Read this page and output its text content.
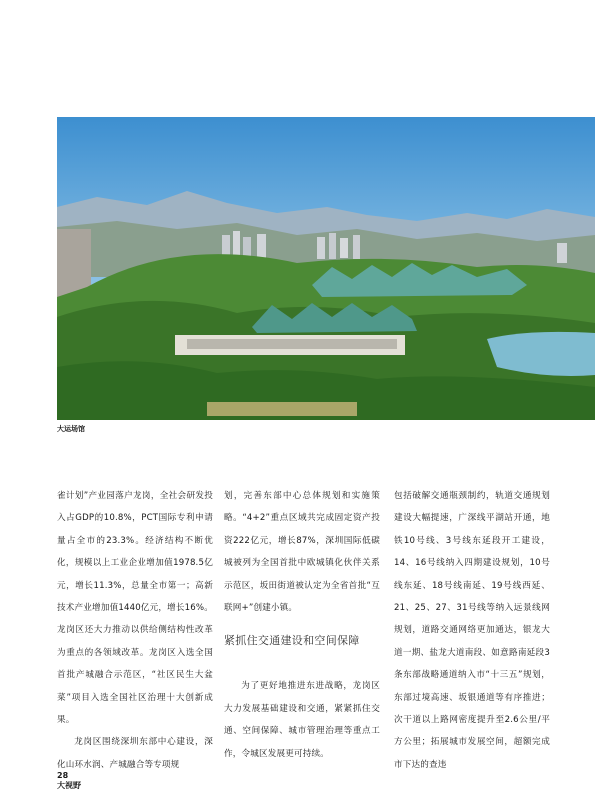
大运场馆

雀计划”产业园落户龙岗，全社会研发投入占GDP的10.8%，PCT国际专利申请量占全市的23.3%。经济结构不断优化，规模以上工业企业增加值1978.5亿元，增长11.3%，总量全市第一；高新技术产业增加值1440亿元，增长16%。龙岗区还大力推动以供给侧结构性改革为重点的各领域改革。龙岗区入选全国首批产城融合示范区，“社区民生大盆菜”项目入选全国社区治理十大创新成果。

龙岗区围绕深圳东部中心建设，深化山环水润、产城融合等专项规

划，完善东部中心总体规划和实施策略。“4+2”重点区域共完成固定资产投资222亿元，增长87%，深圳国际低碳城被列为全国首批中欧城镇化伙伴关系示范区，坂田街道被认定为全省首批“互联网+”创建小镇。

紧抓住交通建设和空间保障

为了更好地推进东进战略，龙岗区大力发展基础建设和交通，紧紧抓住交通、空间保障、城市管理治理等重点工作，令城区发展更可持续。

包括破解交通瓶颈制约，轨道交通规划建设大幅提速，广深线平湖站开通，地铁10号线、3号线东延段开工建设，14、16号线纳入四期建设规划，10号线东延、18号线南延、19号线西延、21、25、27、31号线等纳入远景线网规划，道路交通网络更加通达，银龙大道一期、盐龙大道南段、如意路南延段3条东部战略通道纳入市“十三五”规划，东部过境高速、坂银通道等有序推进；次干道以上路网密度提升至2.6公里/平方公里；拓展城市发展空间，超额完成市下达的查违

28
大视野
